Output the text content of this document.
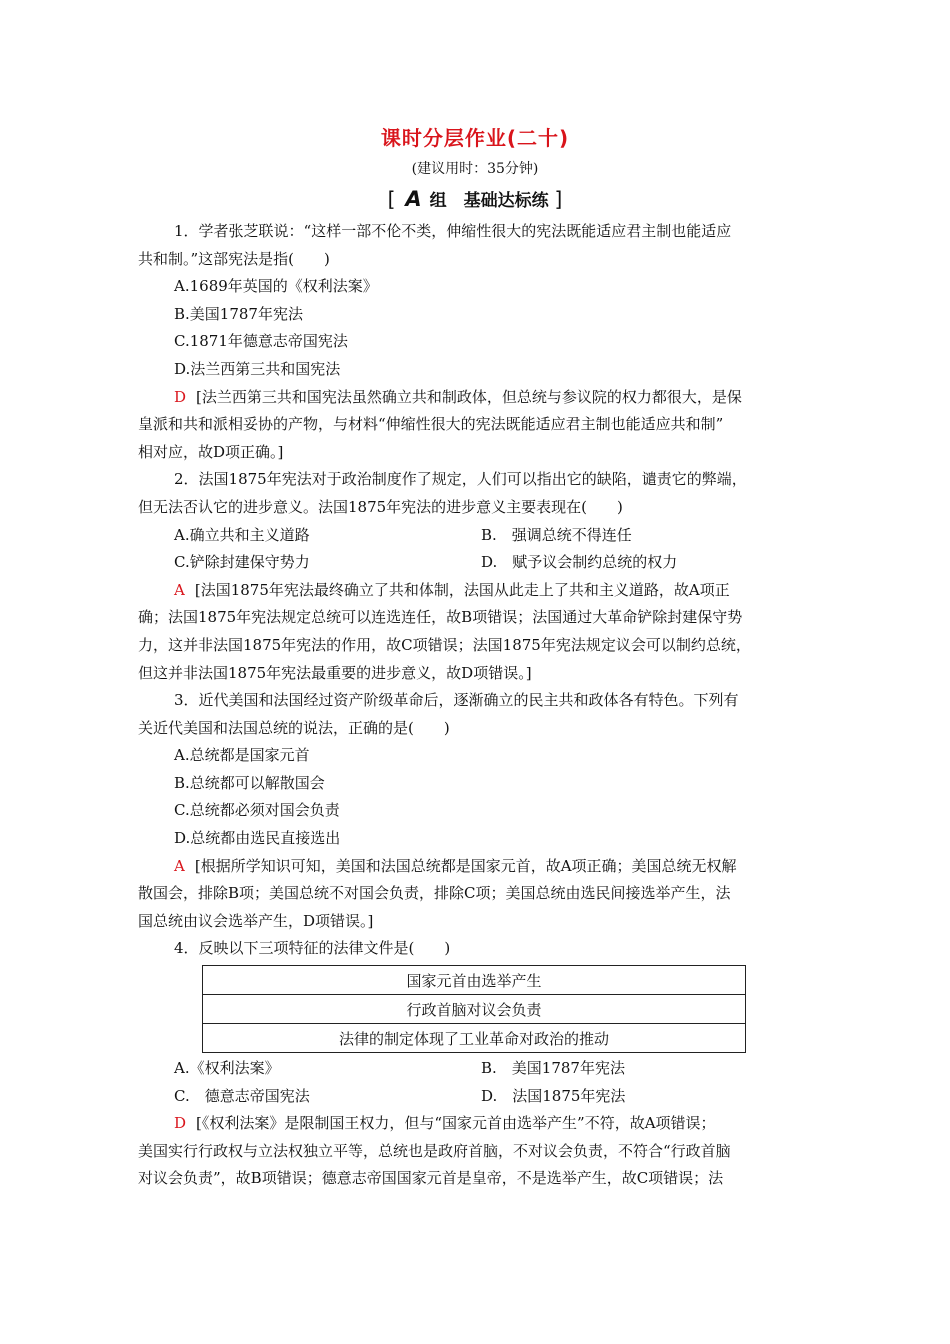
课时分层作业(二十)
(建议用时：35分钟)
[ A 组　基础达标练 ]
1．学者张芝联说：“这样一部不伦不类，伸缩性很大的宪法既能适应君主制也能适应
共和制。”这部宪法是指(　　)
A.1689年英国的《权利法案》
B.美国1787年宪法
C.1871年德意志帝国宪法
D.法兰西第三共和国宪法
D [法兰西第三共和国宪法虽然确立共和制政体，但总统与参议院的权力都很大，是保
皇派和共和派相妥协的产物，与材料“伸缩性很大的宪法既能适应君主制也能适应共和制”
相对应，故D项正确。]
2．法国1875年宪法对于政治制度作了规定，人们可以指出它的缺陷，谴责它的弊端，
但无法否认它的进步意义。法国1875年宪法的进步意义主要表现在(　　)
A.确立共和主义道路	B.　强调总统不得连任
C.铲除封建保守势力	D.　赋予议会制约总统的权力
A [法国1875年宪法最终确立了共和体制，法国从此走上了共和主义道路，故A项正
确；法国1875年宪法规定总统可以连选连任，故B项错误；法国通过大革命铲除封建保守势
力，这并非法国1875年宪法的作用，故C项错误；法国1875年宪法规定议会可以制约总统，
但这并非法国1875年宪法最重要的进步意义，故D项错误。]
3．近代美国和法国经过资产阶级革命后，逐渐确立的民主共和政体各有特色。下列有
关近代美国和法国总统的说法，正确的是(　　)
A.总统都是国家元首
B.总统都可以解散国会
C.总统都必须对国会负责
D.总统都由选民直接选出
A [根据所学知识可知，美国和法国总统都是国家元首，故A项正确；美国总统无权解
散国会，排除B项；美国总统不对国会负责，排除C项；美国总统由选民间接选举产生，法
国总统由议会选举产生，D项错误。]
4．反映以下三项特征的法律文件是(　　)
国家元首由选举产生
行政首脑对议会负责
法律的制定体现了工业革命对政治的推动
A.《权利法案》	B.　美国1787年宪法
C.　德意志帝国宪法	D.　法国1875年宪法
D [《权利法案》是限制国王权力，但与“国家元首由选举产生”不符，故A项错误；
美国实行行政权与立法权独立平等，总统也是政府首脑，不对议会负责，不符合“行政首脑
对议会负责”，故B项错误；德意志帝国国家元首是皇帝，不是选举产生，故C项错误；法
